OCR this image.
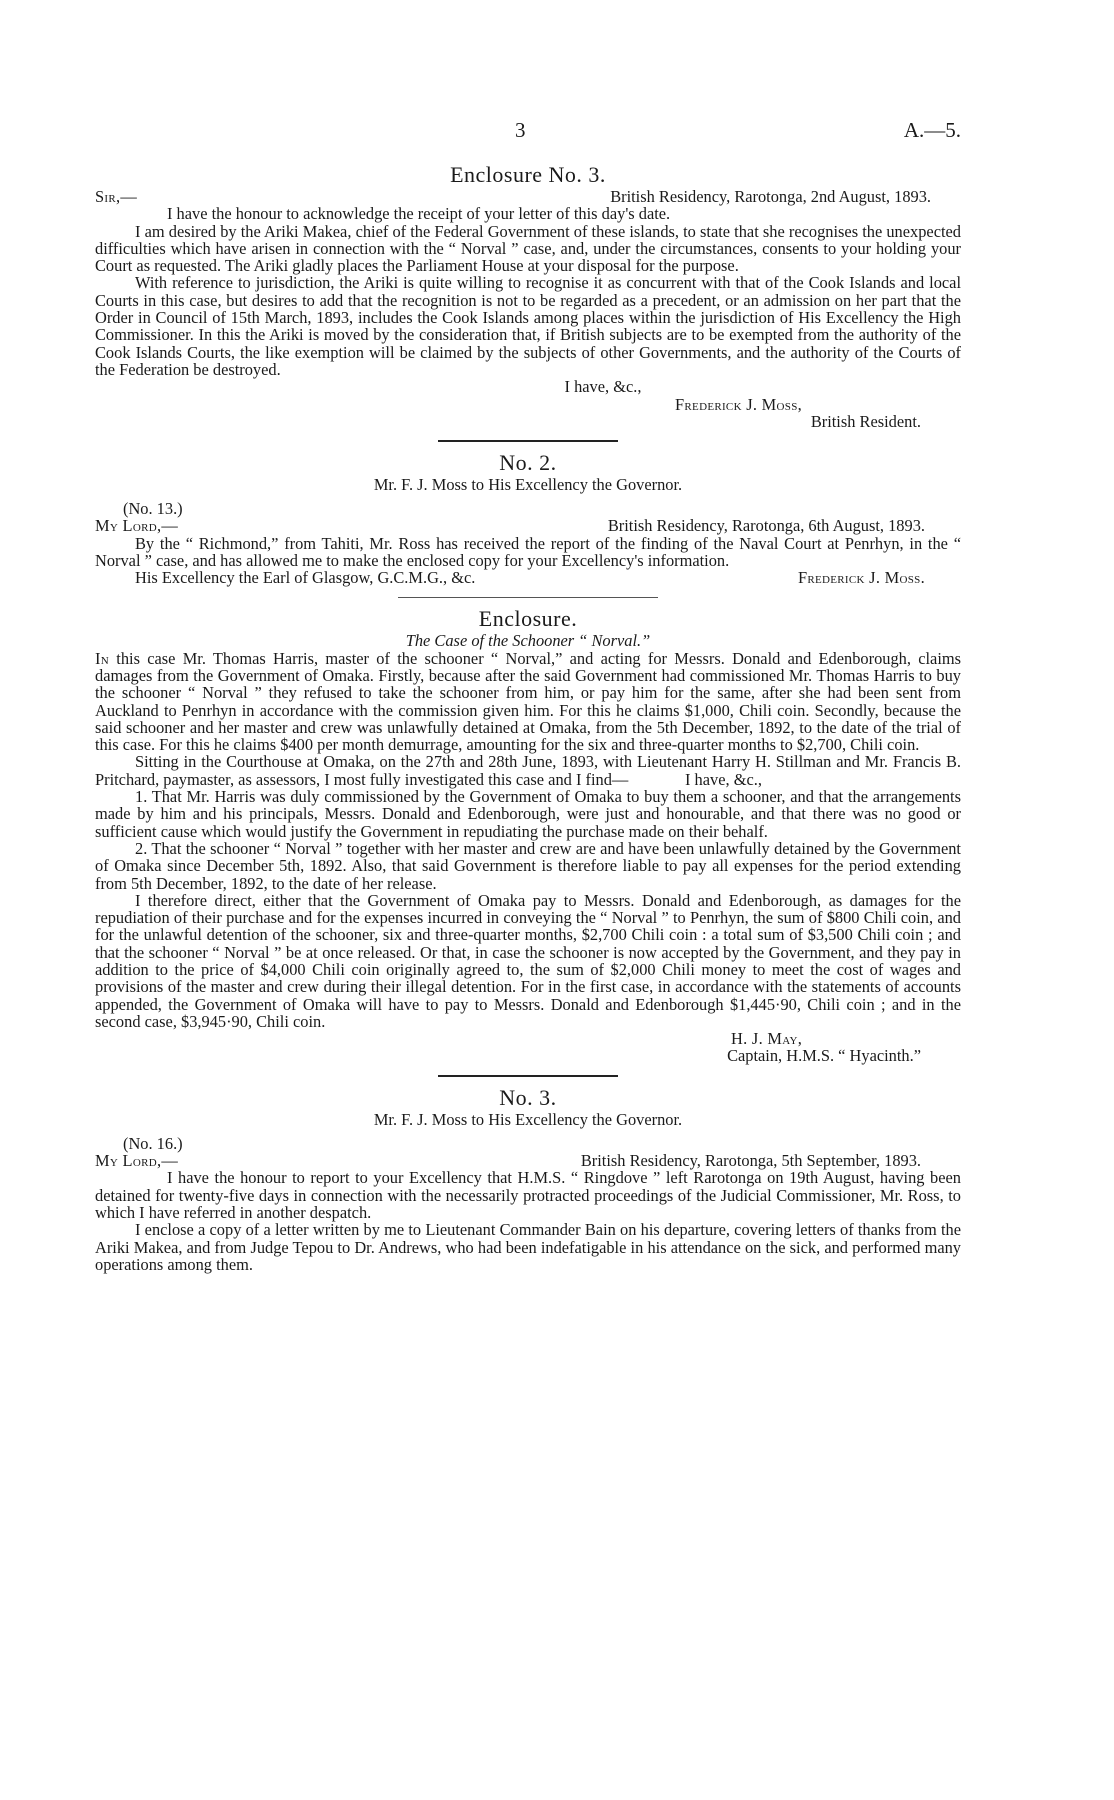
3	A.—5.

Enclosure No. 3.

Sir,—	British Residency, Rarotonga, 2nd August, 1893.

I have the honour to acknowledge the receipt of your letter of this day's date.

I am desired by the Ariki Makea, chief of the Federal Government of these islands, to state that she recognises the unexpected difficulties which have arisen in connection with the “ Norval ” case, and, under the circumstances, consents to your holding your Court as requested. The Ariki gladly places the Parliament House at your disposal for the purpose.

With reference to jurisdiction, the Ariki is quite willing to recognise it as concurrent with that of the Cook Islands and local Courts in this case, but desires to add that the recognition is not to be regarded as a precedent, or an admission on her part that the Order in Council of 15th March, 1893, includes the Cook Islands among places within the jurisdiction of His Excellency the High Commissioner. In this the Ariki is moved by the consideration that, if British subjects are to be exempted from the authority of the Cook Islands Courts, the like exemption will be claimed by the subjects of other Governments, and the authority of the Courts of the Federation be destroyed.

I have, &c.,
Frederick J. Moss,
British Resident.

No. 2.

Mr. F. J. Moss to His Excellency the Governor.

(No. 13.)
My Lord,—	British Residency, Rarotonga, 6th August, 1893.

By the “ Richmond,” from Tahiti, Mr. Ross has received the report of the finding of the Naval Court at Penrhyn, in the “ Norval ” case, and has allowed me to make the enclosed copy for your Excellency's information.

His Excellency the Earl of Glasgow, G.C.M.G., &c.	Frederick J. Moss.
I have, &c.,

Enclosure.

The Case of the Schooner “ Norval.”

In this case Mr. Thomas Harris, master of the schooner “ Norval,” and acting for Messrs. Donald and Edenborough, claims damages from the Government of Omaka. Firstly, because after the said Government had commissioned Mr. Thomas Harris to buy the schooner “ Norval ” they refused to take the schooner from him, or pay him for the same, after she had been sent from Auckland to Penrhyn in accordance with the commission given him. For this he claims $1,000, Chili coin. Secondly, because the said schooner and her master and crew was unlawfully detained at Omaka, from the 5th December, 1892, to the date of the trial of this case. For this he claims $400 per month demurrage, amounting for the six and three-quarter months to $2,700, Chili coin.

Sitting in the Courthouse at Omaka, on the 27th and 28th June, 1893, with Lieutenant Harry H. Stillman and Mr. Francis B. Pritchard, paymaster, as assessors, I most fully investigated this case and I find—

1. That Mr. Harris was duly commissioned by the Government of Omaka to buy them a schooner, and that the arrangements made by him and his principals, Messrs. Donald and Edenborough, were just and honourable, and that there was no good or sufficient cause which would justify the Government in repudiating the purchase made on their behalf.

2. That the schooner “ Norval ” together with her master and crew are and have been unlawfully detained by the Government of Omaka since December 5th, 1892. Also, that said Government is therefore liable to pay all expenses for the period extending from 5th December, 1892, to the date of her release.

I therefore direct, either that the Government of Omaka pay to Messrs. Donald and Edenborough, as damages for the repudiation of their purchase and for the expenses incurred in conveying the “ Norval ” to Penrhyn, the sum of $800 Chili coin, and for the unlawful detention of the schooner, six and three-quarter months, $2,700 Chili coin : a total sum of $3,500 Chili coin ; and that the schooner “ Norval ” be at once released. Or that, in case the schooner is now accepted by the Government, and they pay in addition to the price of $4,000 Chili coin originally agreed to, the sum of $2,000 Chili money to meet the cost of wages and provisions of the master and crew during their illegal detention. For in the first case, in accordance with the statements of accounts appended, the Government of Omaka will have to pay to Messrs. Donald and Edenborough $1,445·90, Chili coin ; and in the second case, $3,945·90, Chili coin.

H. J. May,
Captain, H.M.S. “ Hyacinth.”

No. 3.

Mr. F. J. Moss to His Excellency the Governor.

(No. 16.)
My Lord,—	British Residency, Rarotonga, 5th September, 1893.

I have the honour to report to your Excellency that H.M.S. “ Ringdove ” left Rarotonga on 19th August, having been detained for twenty-five days in connection with the necessarily protracted proceedings of the Judicial Commissioner, Mr. Ross, to which I have referred in another despatch.

I enclose a copy of a letter written by me to Lieutenant Commander Bain on his departure, covering letters of thanks from the Ariki Makea, and from Judge Tepou to Dr. Andrews, who had been indefatigable in his attendance on the sick, and performed many operations among them.
